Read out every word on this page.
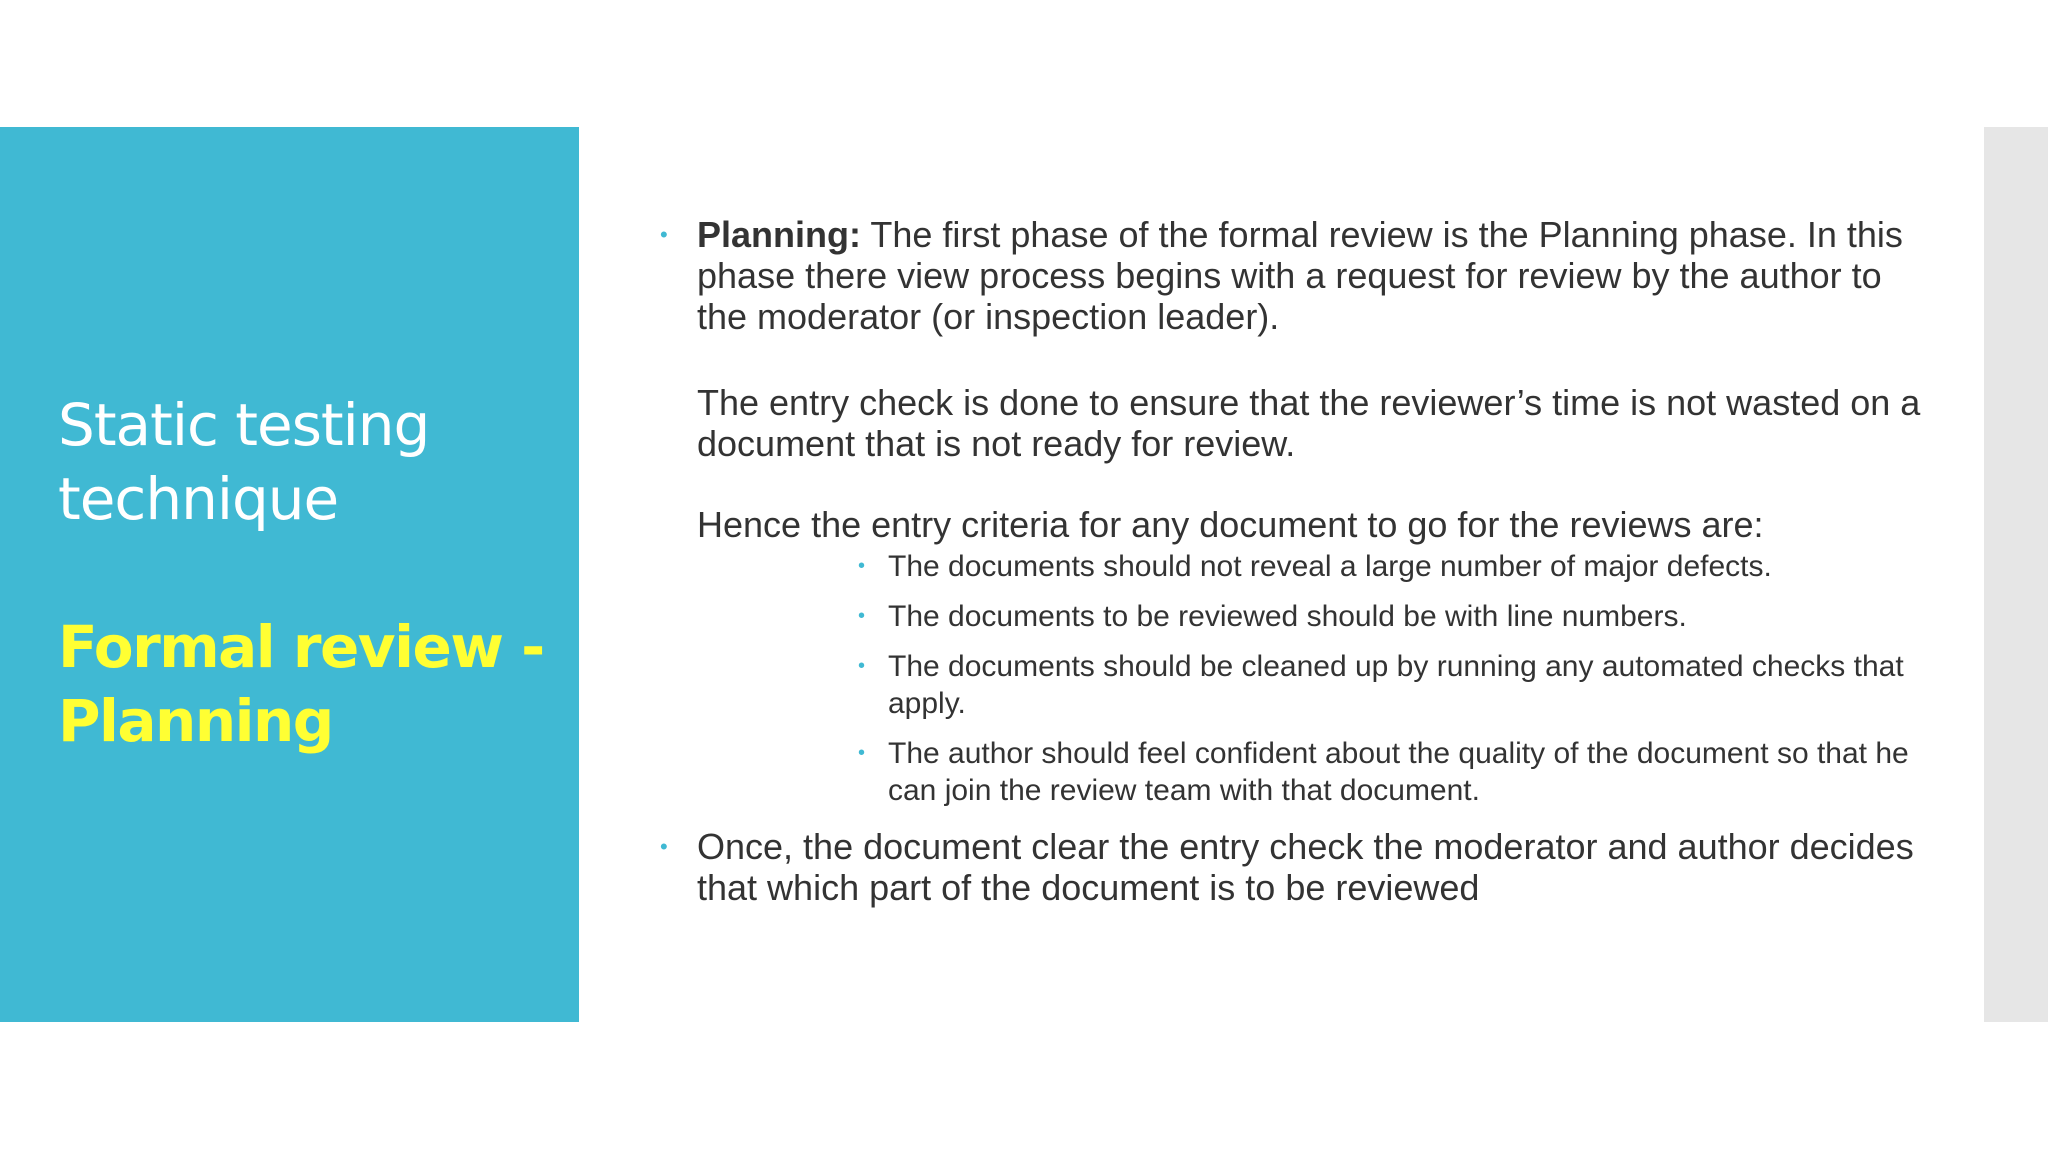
Static testing technique
Formal review - Planning
• Planning: The first phase of the formal review is the Planning phase. In this phase there view process begins with a request for review by the author to the moderator (or inspection leader).
The entry check is done to ensure that the reviewer’s time is not wasted on a document that is not ready for review.
Hence the entry criteria for any document to go for the reviews are:
• The documents should not reveal a large number of major defects.
• The documents to be reviewed should be with line numbers.
• The documents should be cleaned up by running any automated checks that apply.
• The author should feel confident about the quality of the document so that he can join the review team with that document.
• Once, the document clear the entry check the moderator and author decides that which part of the document is to be reviewed
